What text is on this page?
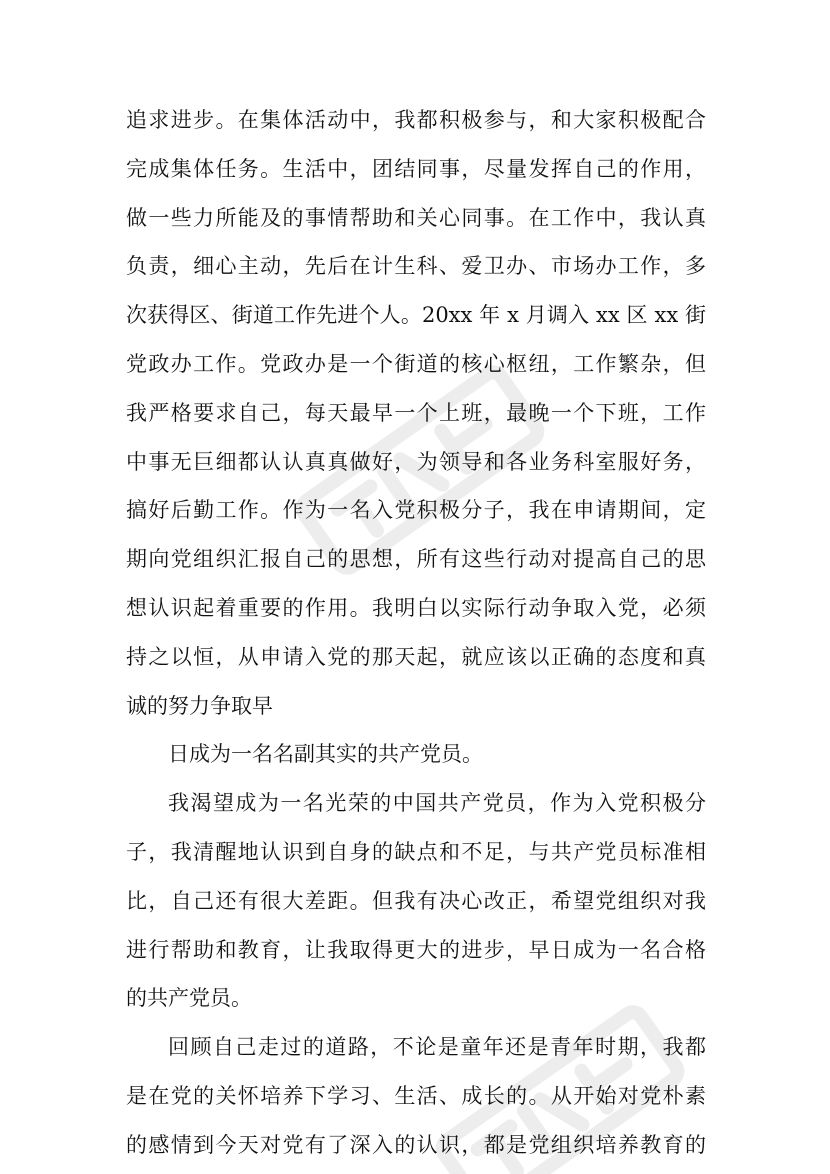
追求进步。在集体活动中，我都积极参与，和大家积极配合
完成集体任务。生活中，团结同事，尽量发挥自己的作用，
做一些力所能及的事情帮助和关心同事。在工作中，我认真
负责，细心主动，先后在计生科、爱卫办、市场办工作，多
次获得区、街道工作先进个人。20xx 年 x 月调入 xx 区 xx 街
党政办工作。党政办是一个街道的核心枢纽，工作繁杂，但
我严格要求自己，每天最早一个上班，最晚一个下班，工作
中事无巨细都认认真真做好，为领导和各业务科室服好务，
搞好后勤工作。作为一名入党积极分子，我在申请期间，定
期向党组织汇报自己的思想，所有这些行动对提高自己的思
想认识起着重要的作用。我明白以实际行动争取入党，必须
持之以恒，从申请入党的那天起，就应该以正确的态度和真
诚的努力争取早
日成为一名名副其实的共产党员。
我渴望成为一名光荣的中国共产党员，作为入党积极分
子，我清醒地认识到自身的缺点和不足，与共产党员标准相
比，自己还有很大差距。但我有决心改正，希望党组织对我
进行帮助和教育，让我取得更大的进步，早日成为一名合格
的共产党员。
回顾自己走过的道路，不论是童年还是青年时期，我都
是在党的关怀培养下学习、生活、成长的。从开始对党朴素
的感情到今天对党有了深入的认识，都是党组织培养教育的
